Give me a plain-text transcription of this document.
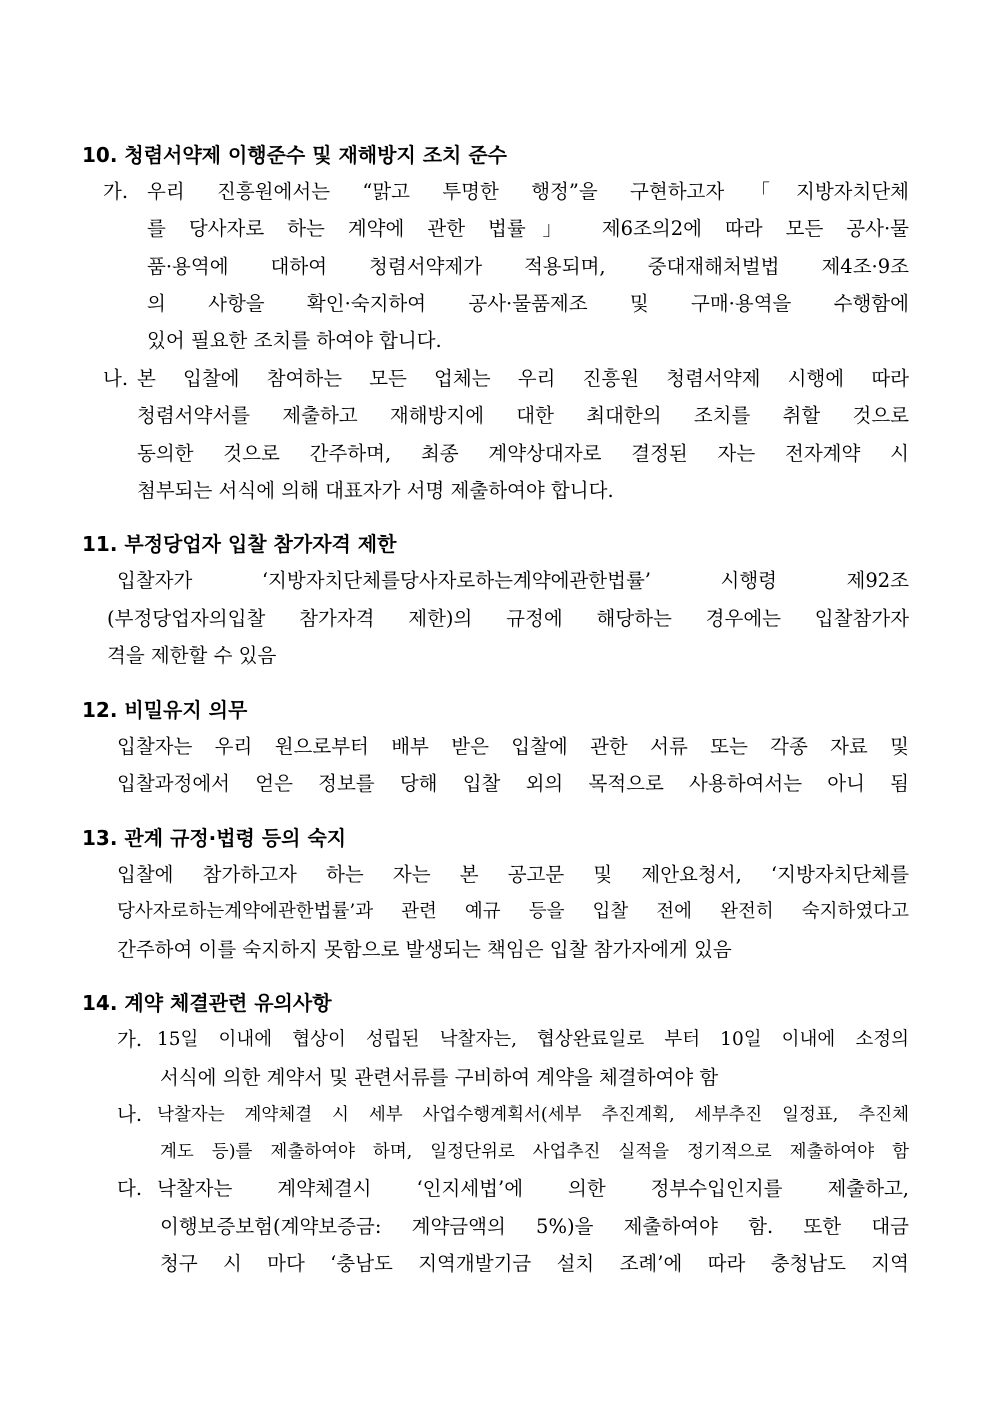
10. 청렴서약제 이행준수 및 재해방지 조치 준수
가. 우리 진흥원에서는 “맑고 투명한 행정”을 구현하고자「지방자치단체
를 당사자로 하는 계약에 관한 법률」 제6조의2에 따라 모든 공사·물
품·용역에 대하여 청렴서약제가 적용되며, 중대재해처벌법 제4조·9조
의 사항을 확인·숙지하여 공사·물품제조 및 구매·용역을 수행함에
있어 필요한 조치를 하여야 합니다.
나. 본 입찰에 참여하는 모든 업체는 우리 진흥원 청렴서약제 시행에 따라
청렴서약서를 제출하고 재해방지에 대한 최대한의 조치를 취할 것으로
동의한 것으로 간주하며, 최종 계약상대자로 결정된 자는 전자계약 시
첨부되는 서식에 의해 대표자가 서명 제출하여야 합니다.
11. 부정당업자 입찰 참가자격 제한
입찰자가 ‘지방자치단체를당사자로하는계약에관한법률’ 시행령 제92조
(부정당업자의입찰 참가자격 제한)의 규정에 해당하는 경우에는 입찰참가자
격을 제한할 수 있음
12. 비밀유지 의무
입찰자는 우리 원으로부터 배부 받은 입찰에 관한 서류 또는 각종 자료 및
입찰과정에서 얻은 정보를 당해 입찰 외의 목적으로 사용하여서는 아니 됨
13. 관계 규정·법령 등의 숙지
입찰에 참가하고자 하는 자는 본 공고문 및 제안요청서, ‘지방자치단체를
당사자로하는계약에관한법률’과 관련 예규 등을 입찰 전에 완전히 숙지하였다고
간주하여 이를 숙지하지 못함으로 발생되는 책임은 입찰 참가자에게 있음
14. 계약 체결관련 유의사항
가. 15일 이내에 협상이 성립된 낙찰자는, 협상완료일로 부터 10일 이내에 소정의
서식에 의한 계약서 및 관련서류를 구비하여 계약을 체결하여야 함
나. 낙찰자는 계약체결 시 세부 사업수행계획서(세부 추진계획, 세부추진 일정표, 추진체
계도 등)를 제출하여야 하며, 일정단위로 사업추진 실적을 정기적으로 제출하여야 함
다. 낙찰자는 계약체결시 ‘인지세법’에 의한 정부수입인지를 제출하고,
이행보증보험(계약보증금: 계약금액의 5%)을 제출하여야 함. 또한 대금
청구 시 마다 ‘충남도 지역개발기금 설치 조례’에 따라 충청남도 지역
